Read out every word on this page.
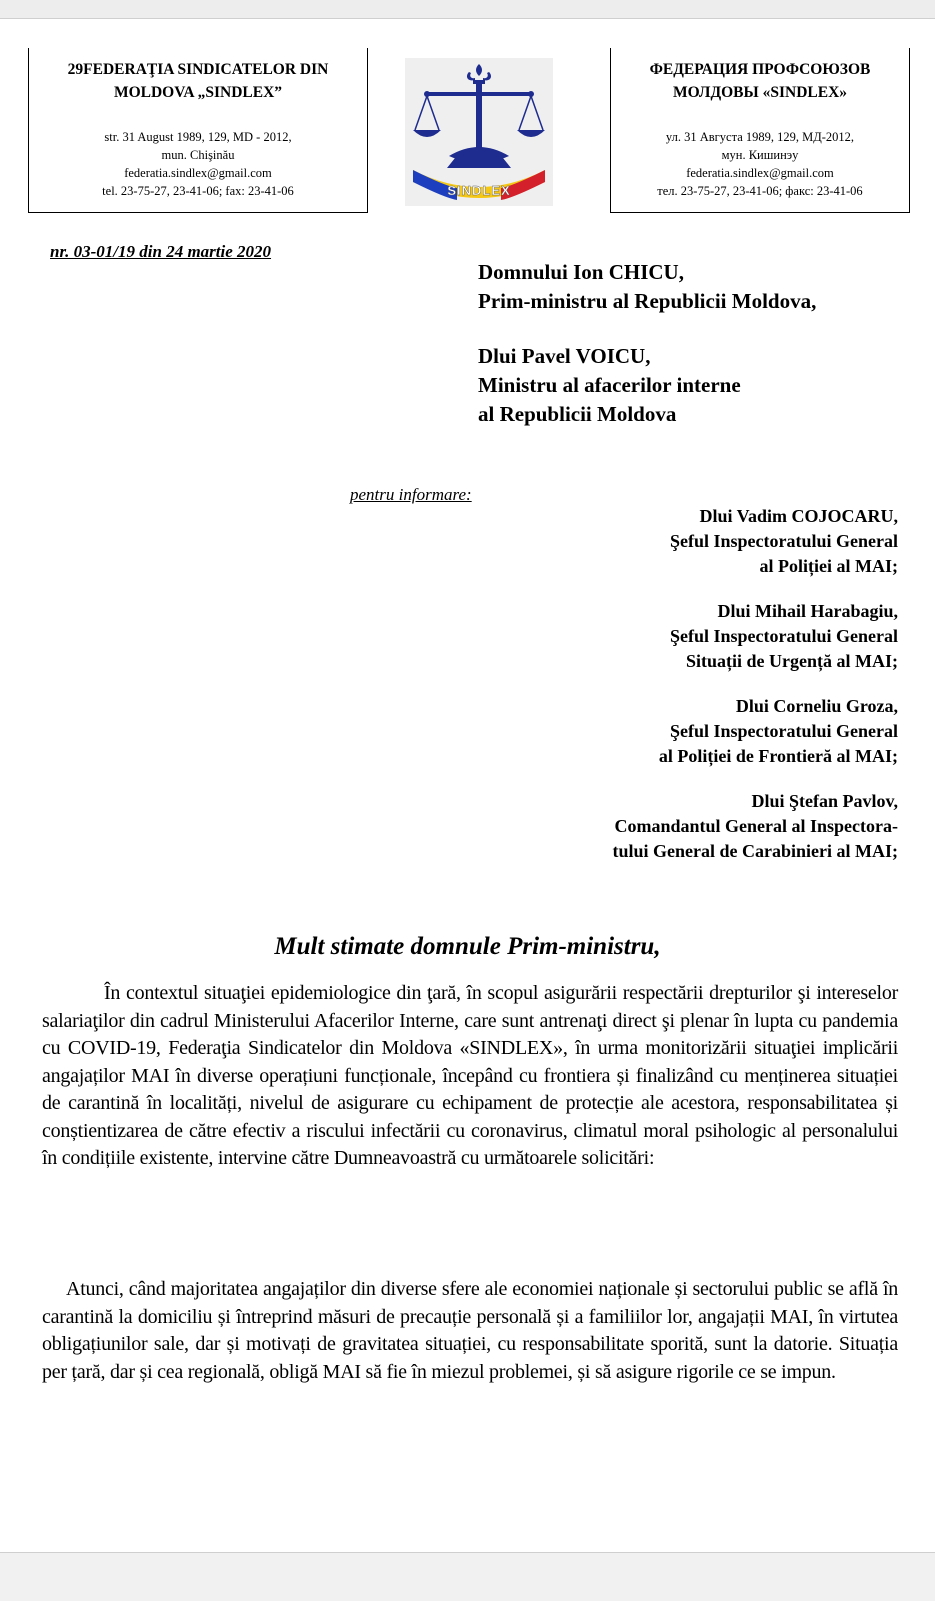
29FEDERAŢIA SINDICATELOR DIN MOLDOVA „SINDLEX”
str. 31 August 1989, 129, MD - 2012,
mun. Chişinău
federatia.sindlex@gmail.com
tel. 23-75-27, 23-41-06; fax: 23-41-06	SINDLEX
ФЕДЕРАЦИЯ ПРОФСОЮЗОВ МОЛДОВЫ «SINDLEX»
ул. 31 Августа 1989, 129, МД-2012,
мун. Кишинэу
federatia.sindlex@gmail.com
тел. 23-75-27, 23-41-06; факс: 23-41-06
nr. 03-01/19 din 24 martie 2020
Domnului Ion CHICU,
Prim-ministru al Republicii Moldova,
Dlui Pavel VOICU,
Ministru al afacerilor interne
al Republicii Moldova
pentru informare:
Dlui Vadim COJOCARU,
Şeful Inspectoratului General
al Poliției al MAI;
Dlui Mihail Harabagiu,
Şeful Inspectoratului General
Situații de Urgență al MAI;
Dlui Corneliu Groza,
Şeful Inspectoratului General
al Poliției de Frontieră al MAI;
Dlui Ştefan Pavlov,
Comandantul General al Inspectora-
tului General de Carabinieri al MAI;
Mult stimate domnule Prim-ministru,

În contextul situaţiei epidemiologice din ţară, în scopul asigurării respectării drepturilor şi intereselor salariaţilor din cadrul Ministerului Afacerilor Interne, care sunt antrenaţi direct şi plenar în lupta cu pandemia cu COVID-19, Federaţia Sindicatelor din Moldova «SINDLEX», în urma monitorizării situaţiei implicării angajaților MAI în diverse operațiuni funcționale, începând cu frontiera și finalizând cu menținerea situației de carantină în localități, nivelul de asigurare cu echipament de protecție ale acestora, responsabilitatea și conștientizarea de către efectiv a riscului infectării cu coronavirus, climatul moral psihologic al personalului în condițiile existente, intervine către Dumneavoastră cu următoarele solicitări:

Atunci, când majoritatea angajaților din diverse sfere ale economiei naționale și sectorului public se află în carantină la domiciliu și întreprind măsuri de precauție personală și a familiilor lor, angajații MAI, în virtutea obligațiunilor sale, dar și motivați de gravitatea situației, cu responsabilitate sporită, sunt la datorie. Situația per țară, dar și cea regională, obligă MAI să fie în miezul problemei, și să asigure rigorile ce se impun.
